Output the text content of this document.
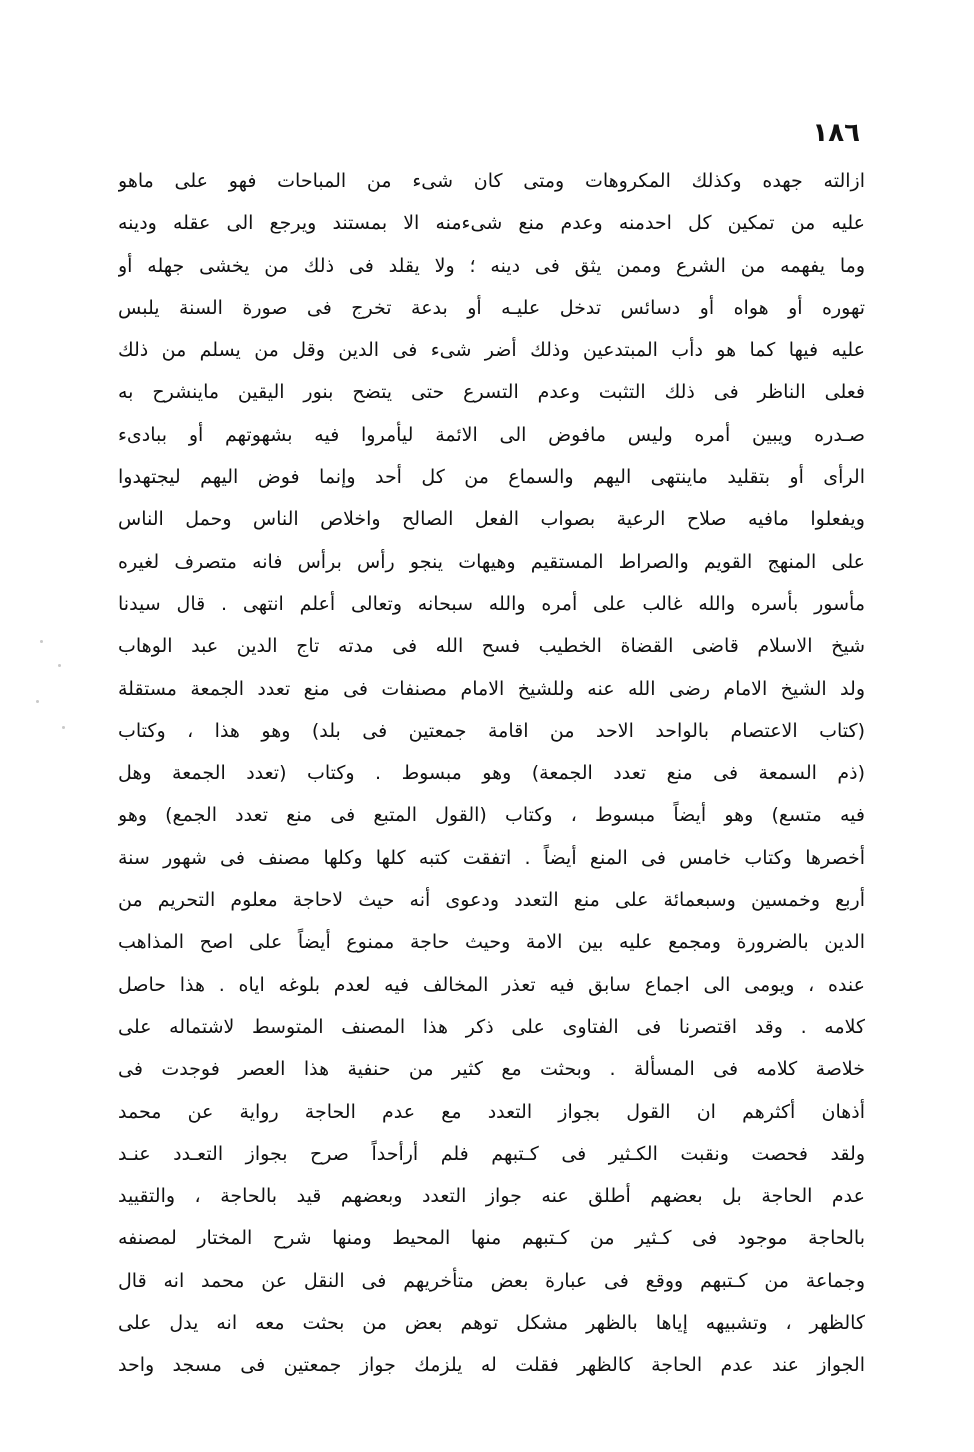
١٨٦
ازالته جهده وكذلك المكروهات ومتى كان شىء من المباحات فهو على ماهو
عليه من تمكين كل احدمنه وعدم منع شىءمنه الا بمستند ويرجع الى عقله ودينه
وما يفهمه من الشرع وممن يثق فى دينه ؛ ولا يقلد فى ذلك من يخشى جهله أو
تهوره أو هواه أو دسائس تدخل عليـه أو بدعة تخرج فى صورة السنة يلبس
عليه فيها كما هو دأب المبتدعين وذلك أضر شىء فى الدين وقل من يسلم من ذلك
فعلى الناظر فى ذلك التثبت وعدم التسرع حتى يتضح بنور اليقين ماينشرح به
صـدره ويبين أمره وليس مافوض الى الائمة ليأمروا فيه بشهوتهم أو ببادىء
الرأى أو بتقليد ماينتهى اليهم والسماع من كل أحد وإنما فوض اليهم ليجتهدوا
ويفعلوا مافيه صلاح الرعية بصواب الفعل الصالح واخلاص الناس وحمل الناس
على المنهج القويم والصراط المستقيم وهيهات ينجو رأس برأس فانه متصرف لغيره
مأسور بأسره والله غالب على أمره والله سبحانه وتعالى أعلم انتهى . قال سيدنا
شيخ الاسلام قاضى القضاة الخطيب فسح الله فى مدته تاج الدين عبد الوهاب
ولد الشيخ الامام رضى الله عنه وللشيخ الامام مصنفات فى منع تعدد الجمعة مستقلة
(كتاب الاعتصام بالواحد الاحد من اقامة جمعتين فى بلد) وهو هذا ، وكتاب
(ذم السمعة فى منع تعدد الجمعة) وهو مبسوط . وكتاب (تعدد الجمعة وهل
فيه متسع) وهو أيضاً مبسوط ، وكتاب (القول المتبع فى منع تعدد الجمع) وهو
أخصرها وكتاب خامس فى المنع أيضاً . اتفقت كتبه كلها وكلها مصنف فى شهور سنة
أربع وخمسين وسبعمائة على منع التعدد ودعوى أنه حيث لاحاجة معلوم التحريم من
الدين بالضرورة ومجمع عليه بين الامة وحيث حاجة ممنوع أيضاً على اصح المذاهب
عنده ، ويومى الى اجماع سابق فيه تعذر المخالف فيه لعدم بلوغه اياه . هذا حاصل
كلامه . وقد اقتصرنا فى الفتاوى على ذكر هذا المصنف المتوسط لاشتماله على
خلاصة كلامه فى المسألة . وبحثت مع كثير من حنفية هذا العصر فوجدت فى
أذهان أكثرهم ان القول بجواز التعدد مع عدم الحاجة رواية عن محمد
ولقد فحصت ونقبت الكـثير فى كـتبهم فلم أرأحداً صرح بجواز التعـدد عنـد
عدم الحاجة بل بعضهم أطلق عنه جواز التعدد وبعضهم قيد بالحاجة ، والتقييد
بالحاجة موجود فى كـثير من كـتبهم منها المحيط ومنها شرح المختار لمصنفه
وجماعة من كـتبهم ووقع فى عبارة بعض متأخريهم فى النقل عن محمد انه قال
كالظهر ، وتشبيهه إياها بالظهر مشكل توهم بعض من بحثت معه انه يدل على
الجواز عند عدم الحاجة كالظهر فقلت له يلزمك جواز جمعتين فى مسجد واحد
